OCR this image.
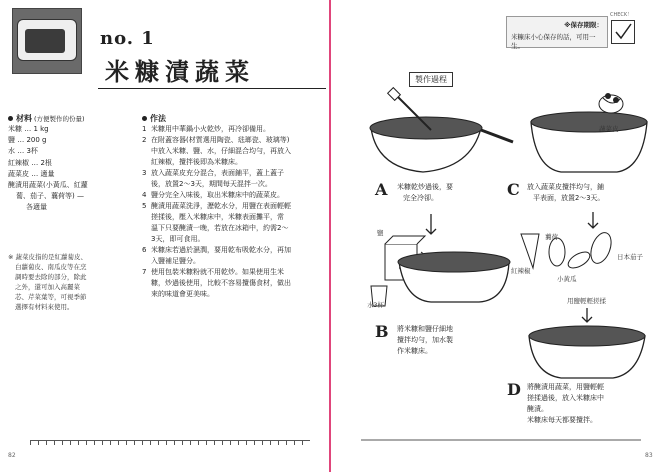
no. 1
米糠漬蔬菜
材料 (方便製作的份量)
米糠 … 1 kg
鹽 … 200 g
水 … 3杯
紅辣椒 … 2根
蔬菜皮 … 適量
醃漬用蔬菜(小黃瓜、紅蘿
蔔、茄子、蘘荷等) —
各適量
※ 蔬菜皮指的是紅蘿蔔皮、
白蘿蔔皮、南瓜皮等在烹
調時要去除的部分，除此
之外，還可加入高麗菜
芯、芹菜葉等，可視季節
選擇有材料來使用。
作法
1 米糠用中華鍋小火乾炒，再冷卻備用。
2 在附蓋容器(材質選用陶瓷、琺瑯瓷、玻璃等)
中放入米糠、鹽、水，仔細混合均勻，再放入
紅辣椒，攪拌後即為米糠床。
3 放入蔬菜皮充分混合，表面鋪平，蓋上蓋子
後，放置2～3天，期間每天混拌一次。
4 鹽分完全入味後，取出米糠床中的蔬菜皮。
5 醃漬用蔬菜洗淨，瀝乾水分，用鹽在表面輕輕
搓揉後，壓入米糠床中，米糠表面攤平，常
溫下只要醃漬一晚，若放在冰箱中，約需2～
3天，即可食用。
6 米糠床若過於濕潤，要用乾布吸乾水分，再加
入鹽補足鹽分。
7 使用包裝米糠粉就不用乾炒。如果使用生米
糠，炒過後使用，比較不容易攪傷食材，做出
來的味道會更美味。
82
※保存期限：
米糠床小心保存的話，可用一生。
CHECK！
製作過程
A 米糠乾炒過後，要
完全冷卻。	C 放入蔬菜皮攪拌均勻，鋪
平表面，放置2～3天。
B 將米糠和鹽仔細地
攪拌均勻，加水製
作米糠床。
D 將醃漬用蔬菜，用鹽輕輕
搓揉過後，放入米糠床中
醃漬。
米糠床每天都要攪拌。
蔬菜皮
鹽
水3杯
紅辣椒
蘘荷
小黃瓜
日本茄子
用鹽輕輕搓揉
83
